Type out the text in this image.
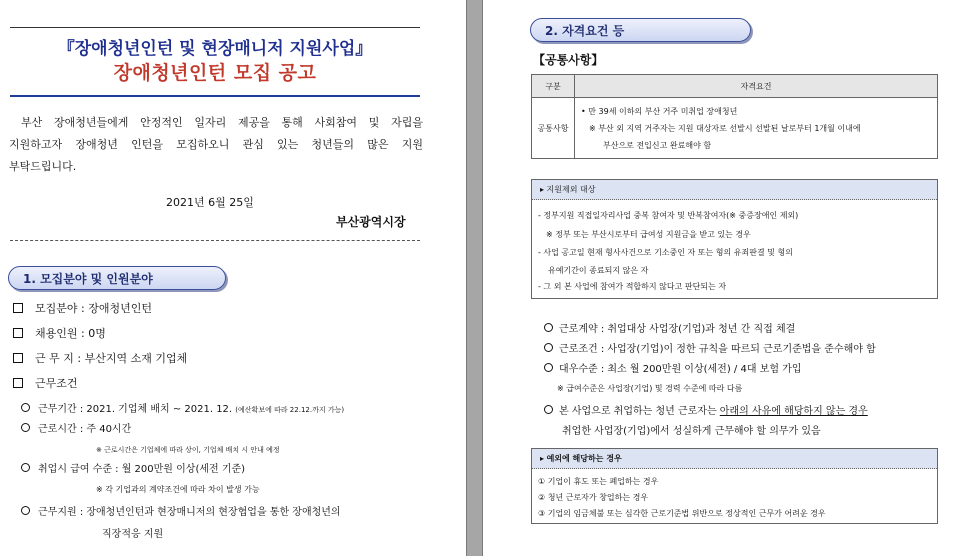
『장애청년인턴 및 현장매니저 지원사업』
장애청년인턴 모집 공고

부산 장애청년들에게 안정적인 일자리 제공을 통해 사회참여 및 자립을

지원하고자 장애청년 인턴을 모집하오니 관심 있는 청년들의 많은 지원

부탁드립니다.

2021년 6월 25일
부산광역시장
1. 모집분야 및 인원분야
모집분야 : 장애청년인턴
채용인원 : 0명
근 무 지 : 부산지역 소재 기업체
근무조건
근무기간 : 2021. 기업체 배치 ~ 2021. 12. (예산확보에 따라 22.12.까지 가능)
근로시간 : 주 40시간
※ 근로시간은 기업체에 따라 상이, 기업체 배치 시 안내 예정
취업시 급여 수준 : 월 200만원 이상(세전 기준)
※ 각 기업과의 계약조건에 따라 차이 발생 가능
근무지원 : 장애청년인턴과 현장매니저의 현장협업을 통한 장애청년의
직장적응 지원
2. 자격요건 등
【공통사항】
구분	자격요건
공통사항	• 만 39세 이하의 부산 거주 미취업 장애청년
※ 부산 외 지역 거주자는 지원 대상자로 선발시 선발된 날로부터 1개월 이내에
부산으로 전입신고 완료해야 함
▸ 지원제외 대상
- 정부지원 직접일자리사업 중복 참여자 및 반복참여자(※ 중증장애인 제외)
※ 정부 또는 부산시로부터 급여성 지원금을 받고 있는 경우
- 사업 공고일 현재 형사사건으로 기소중인 자 또는 형의 유죄판결 및 형의
유예기간이 종료되지 않은 자
- 그 외 본 사업에 참여가 적합하지 않다고 판단되는 자
근로계약 : 취업대상 사업장(기업)과 청년 간 직접 체결
근로조건 : 사업장(기업)이 정한 규칙을 따르되 근로기준법을 준수해야 함
대우수준 : 최소 월 200만원 이상(세전) / 4대 보험 가입
※ 급여수준은 사업장(기업) 및 경력 수준에 따라 다름
본 사업으로 취업하는 청년 근로자는 아래의 사유에 해당하지 않는 경우
취업한 사업장(기업)에서 성실하게 근무해야 할 의무가 있음
▸ 예외에 해당하는 경우
① 기업이 휴도 또는 폐업하는 경우
② 청년 근로자가 창업하는 경우
③ 기업의 임금체불 또는 심각한 근로기준법 위반으로 정상적인 근무가 어려운 경우
